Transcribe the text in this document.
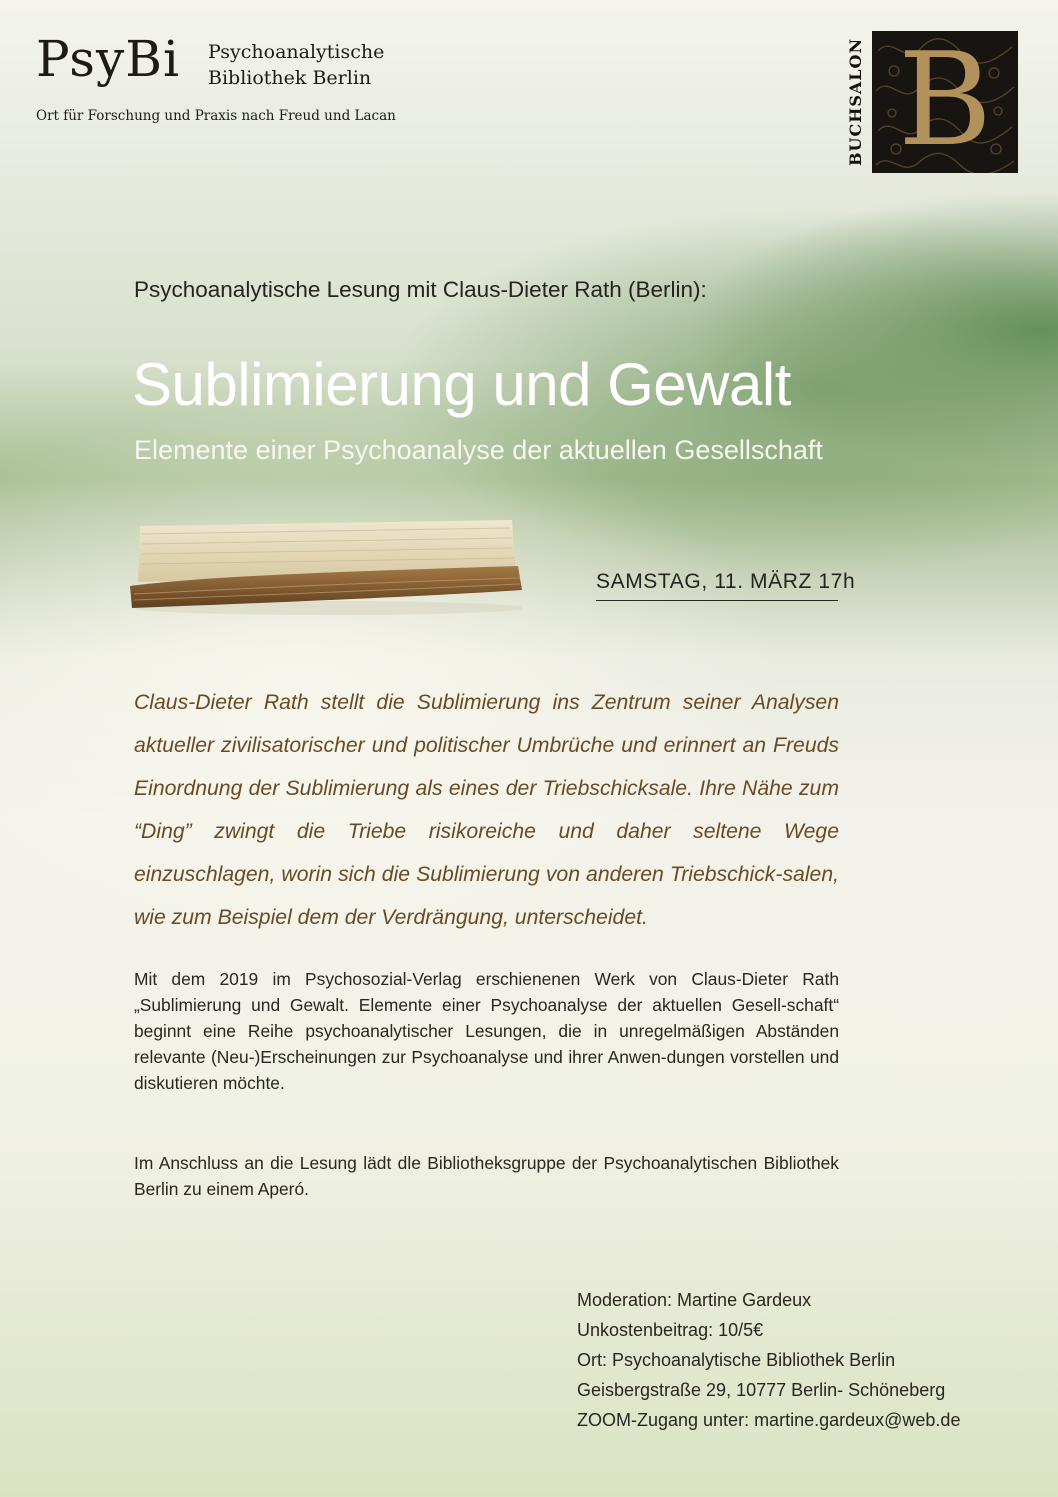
PsyBi Psychoanalytische
Bibliothek Berlin
Ort für Forschung und Praxis nach Freud und Lacan	BUCHSALON B
Psychoanalytische Lesung mit Claus-Dieter Rath (Berlin):
Sublimierung und Gewalt
Elemente einer Psychoanalyse der aktuellen Gesellschaft
SAMSTAG, 11. MÄRZ 17h

Claus-Dieter Rath stellt die Sublimierung ins Zentrum seiner Analysen aktueller zivilisatorischer und politischer Umbrüche und erinnert an Freuds Einordnung der Sublimierung als eines der Triebschicksale. Ihre Nähe zum “Ding” zwingt die Triebe risikoreiche und daher seltene Wege einzuschlagen, worin sich die Sublimierung von anderen Triebschick-salen, wie zum Beispiel dem der Verdrängung, unterscheidet.

Mit dem 2019 im Psychosozial-Verlag erschienenen Werk von Claus-Dieter Rath „Sublimierung und Gewalt. Elemente einer Psychoanalyse der aktuellen Gesell-schaft“ beginnt eine Reihe psychoanalytischer Lesungen, die in unregelmäßigen Abständen relevante (Neu-)Erscheinungen zur Psychoanalyse und ihrer Anwen-dungen vorstellen und diskutieren möchte.

Im Anschluss an die Lesung lädt dle Bibliotheksgruppe der Psychoanalytischen Bibliothek Berlin zu einem Aperó.

Moderation: Martine Gardeux
Unkostenbeitrag: 10/5€
Ort: Psychoanalytische Bibliothek Berlin
Geisbergstraße 29, 10777 Berlin- Schöneberg
ZOOM-Zugang unter: martine.gardeux@web.de
